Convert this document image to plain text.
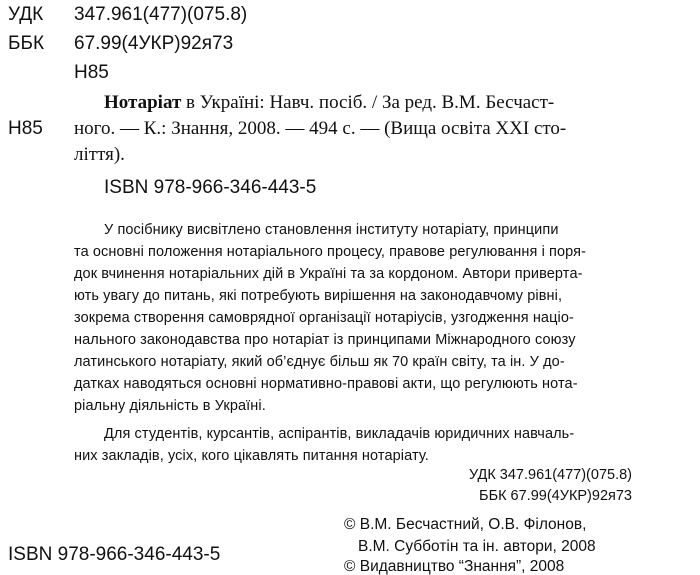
УДК 347.961(477)(075.8)
ББК 67.99(4УКР)92я73
Н85
Нотаріат в Україні: Навч. посіб. / За ред. В.М. Бесчаст-
Н85 ного. — К.: Знання, 2008. — 494 с. — (Вища освіта XXI сто-
ліття).
ISBN 978-966-346-443-5
У посібнику висвітлено становлення інституту нотаріату, принципи
та основні положення нотаріального процесу, правове регулювання і поря-
док вчинення нотаріальних дій в Україні та за кордоном. Автори привертa-
ють увагу до питань, які потребують вирішення на законодавчому рівні,
зокрема створення самоврядної організації нотаріусів, узгодження націо-
нального законодавства про нотаріат із принципами Міжнародного союзу
латинського нотаріату, який об’єднує більш як 70 країн світу, та ін. У до-
датках наводяться основні нормативно-правові акти, що регулюють нота-
ріальну діяльність в Україні.
Для студентів, курсантів, аспірантів, викладачів юридичних навчаль-
них закладів, усіх, кого цікавлять питання нотаріату.
УДК 347.961(477)(075.8)
ББК 67.99(4УКР)92я73
© В.М. Бесчастний, О.В. Філонов,
В.М. Субботін та ін. автори, 2008
© Видавництво “Знання”, 2008
ISBN 978-966-346-443-5
